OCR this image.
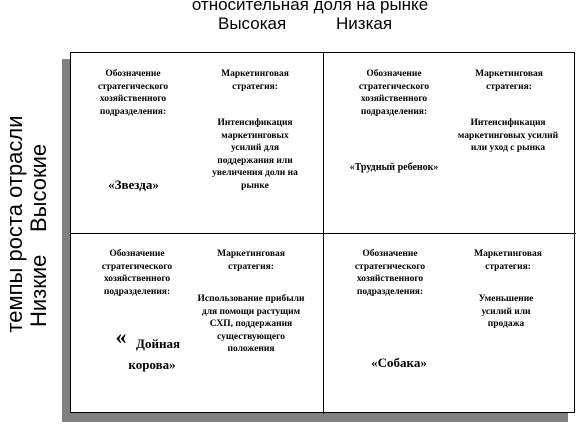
относительная доля на рынке
Высокая	Низкая
темпы роста отрасли Низкие
Высокие
Обозначение стратегического хозяйственного подразделения:
Маркетинговая стратегия:
Интенсификация маркетинговых усилий для поддержания или увеличения доли на рынке
«Звезда»
Обозначение стратегического хозяйственного подразделения:
Маркетинговая стратегия:
Интенсификация маркетинговых усилий или уход с рынка
«Трудный ребенок»
Обозначение стратегического хозяйственного подразделения:
Маркетинговая стратегия:
Использование прибыли для помощи растущим СХП, поддержания существующего положения
« Дойная корова»
Обозначение стратегического хозяйственного подразделения:
Маркетинговая стратегия:
Уменьшение усилий или продажа
«Собака»
